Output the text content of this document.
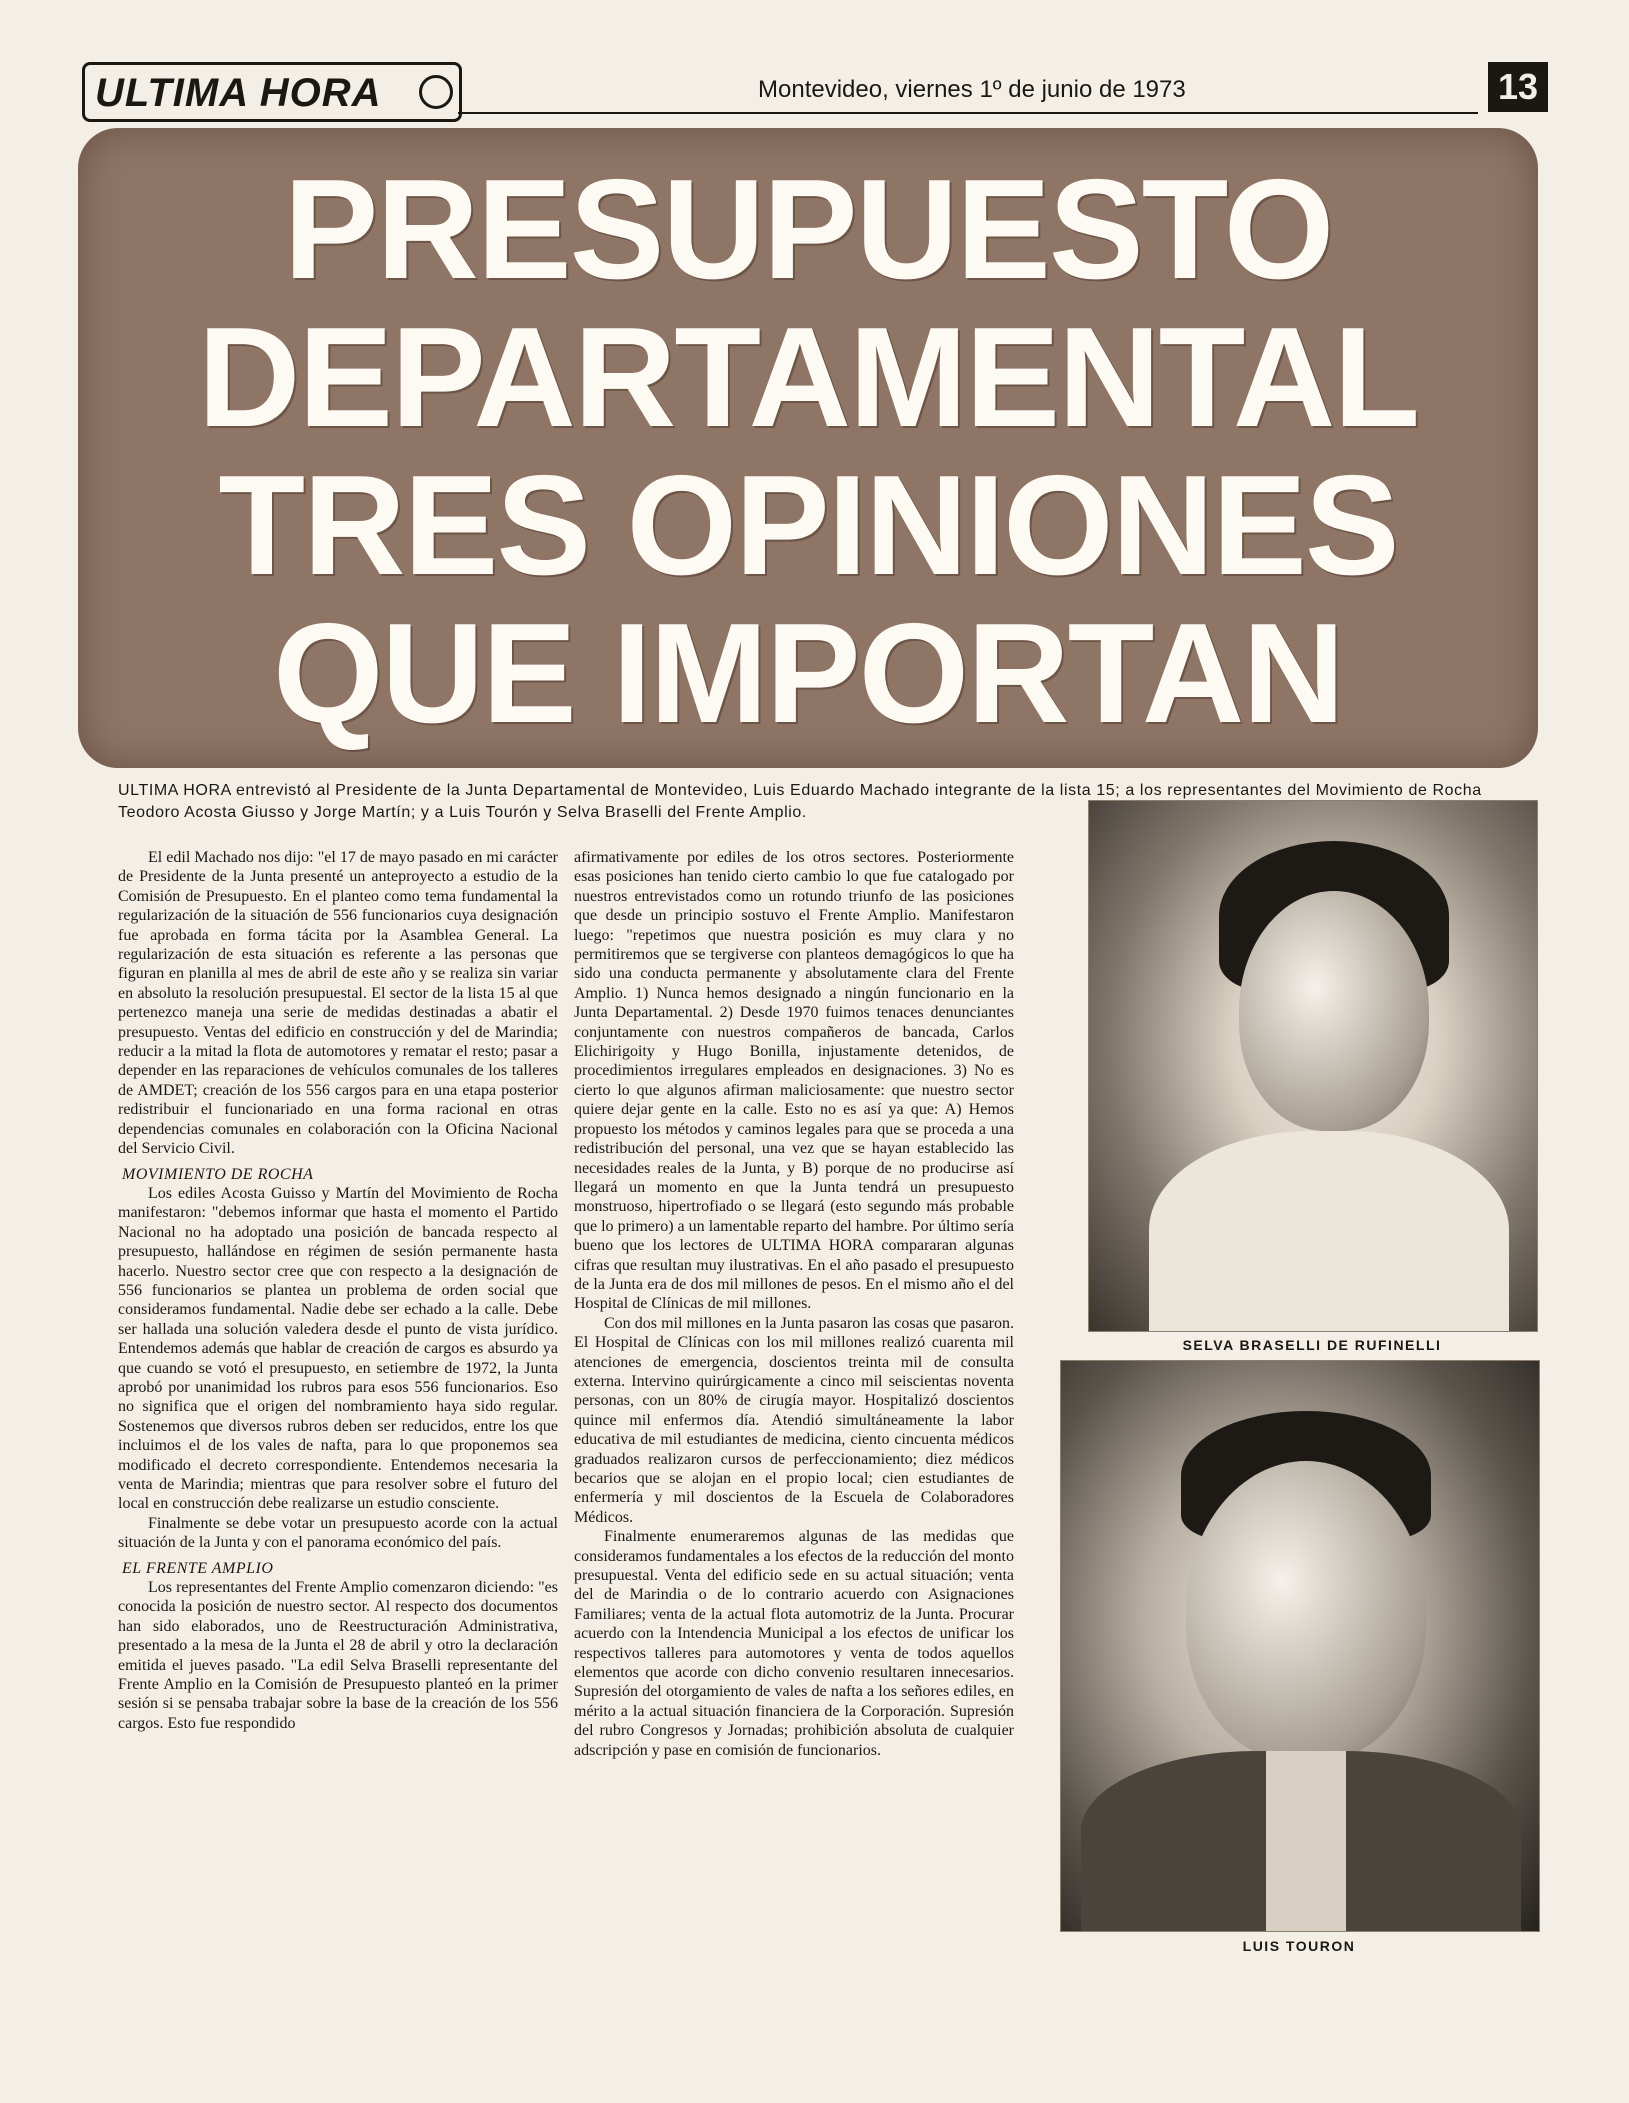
ULTIMA HORA	Montevideo, viernes 1º de junio de 1973	13
PRESUPUESTO
DEPARTAMENTAL
TRES OPINIONES
QUE IMPORTAN
ULTIMA HORA entrevistó al Presidente de la Junta Departamental de Montevideo, Luis Eduardo Machado integrante de la lista 15; a los representantes del Movimiento de Rocha Teodoro Acosta Giusso y Jorge Martín; y a Luis Tourón y Selva Braselli del Frente Amplio.

El edil Machado nos dijo: "el 17 de mayo pasado en mi carácter de Presidente de la Junta presenté un anteproyecto a estudio de la Comisión de Presupuesto. En el planteo como tema fundamental la regularización de la situación de 556 funcionarios cuya designación fue aprobada en forma tácita por la Asamblea General. La regularización de esta situación es referente a las personas que figuran en planilla al mes de abril de este año y se realiza sin variar en absoluto la resolución presupuestal. El sector de la lista 15 al que pertenezco maneja una serie de medidas destinadas a abatir el presupuesto. Ventas del edificio en construcción y del de Marindia; reducir a la mitad la flota de automotores y rematar el resto; pasar a depender en las reparaciones de vehículos comunales de los talleres de AMDET; creación de los 556 cargos para en una etapa posterior redistribuir el funcionariado en una forma racional en otras dependencias comunales en colaboración con la Oficina Nacional del Servicio Civil.

MOVIMIENTO DE ROCHA

Los ediles Acosta Guisso y Martín del Movimiento de Rocha manifestaron: "debemos informar que hasta el momento el Partido Nacional no ha adoptado una posición de bancada respecto al presupuesto, hallándose en régimen de sesión permanente hasta hacerlo. Nuestro sector cree que con respecto a la designación de 556 funcionarios se plantea un problema de orden social que consideramos fundamental. Nadie debe ser echado a la calle. Debe ser hallada una solución valedera desde el punto de vista jurídico. Entendemos además que hablar de creación de cargos es absurdo ya que cuando se votó el presupuesto, en setiembre de 1972, la Junta aprobó por unanimidad los rubros para esos 556 funcionarios. Eso no significa que el origen del nombramiento haya sido regular. Sostenemos que diversos rubros deben ser reducidos, entre los que incluimos el de los vales de nafta, para lo que proponemos sea modificado el decreto correspondiente. Entendemos necesaria la venta de Marindia; mientras que para resolver sobre el futuro del local en construcción debe realizarse un estudio consciente.

Finalmente se debe votar un presupuesto acorde con la actual situación de la Junta y con el panorama económico del país.

EL FRENTE AMPLIO

Los representantes del Frente Amplio comenzaron diciendo: "es conocida la posición de nuestro sector. Al respecto dos documentos han sido elaborados, uno de Reestructuración Administrativa, presentado a la mesa de la Junta el 28 de abril y otro la declaración emitida el jueves pasado. "La edil Selva Braselli representante del Frente Amplio en la Comisión de Presupuesto planteó en la primer sesión si se pensaba trabajar sobre la base de la creación de los 556 cargos. Esto fue respondido

afirmativamente por ediles de los otros sectores. Posteriormente esas posiciones han tenido cierto cambio lo que fue catalogado por nuestros entrevistados como un rotundo triunfo de las posiciones que desde un principio sostuvo el Frente Amplio. Manifestaron luego: "repetimos que nuestra posición es muy clara y no permitiremos que se tergiverse con planteos demagógicos lo que ha sido una conducta permanente y absolutamente clara del Frente Amplio. 1) Nunca hemos designado a ningún funcionario en la Junta Departamental. 2) Desde 1970 fuimos tenaces denunciantes conjuntamente con nuestros compañeros de bancada, Carlos Elichirigoity y Hugo Bonilla, injustamente detenidos, de procedimientos irregulares empleados en designaciones. 3) No es cierto lo que algunos afirman maliciosamente: que nuestro sector quiere dejar gente en la calle. Esto no es así ya que: A) Hemos propuesto los métodos y caminos legales para que se proceda a una redistribución del personal, una vez que se hayan establecido las necesidades reales de la Junta, y B) porque de no producirse así llegará un momento en que la Junta tendrá un presupuesto monstruoso, hipertrofiado o se llegará (esto segundo más probable que lo primero) a un lamentable reparto del hambre. Por último sería bueno que los lectores de ULTIMA HORA compararan algunas cifras que resultan muy ilustrativas. En el año pasado el presupuesto de la Junta era de dos mil millones de pesos. En el mismo año el del Hospital de Clínicas de mil millones.

Con dos mil millones en la Junta pasaron las cosas que pasaron. El Hospital de Clínicas con los mil millones realizó cuarenta mil atenciones de emergencia, doscientos treinta mil de consulta externa. Intervino quirúrgicamente a cinco mil seiscientas noventa personas, con un 80% de cirugía mayor. Hospitalizó doscientos quince mil enfermos día. Atendió simultáneamente la labor educativa de mil estudiantes de medicina, ciento cincuenta médicos graduados realizaron cursos de perfeccionamiento; diez médicos becarios que se alojan en el propio local; cien estudiantes de enfermería y mil doscientos de la Escuela de Colaboradores Médicos.

Finalmente enumeraremos algunas de las medidas que consideramos fundamentales a los efectos de la reducción del monto presupuestal. Venta del edificio sede en su actual situación; venta del de Marindia o de lo contrario acuerdo con Asignaciones Familiares; venta de la actual flota automotriz de la Junta. Procurar acuerdo con la Intendencia Municipal a los efectos de unificar los respectivos talleres para automotores y venta de todos aquellos elementos que acorde con dicho convenio resultaren innecesarios. Supresión del otorgamiento de vales de nafta a los señores ediles, en mérito a la actual situación financiera de la Corporación. Supresión del rubro Congresos y Jornadas; prohibición absoluta de cualquier adscripción y pase en comisión de funcionarios.

SELVA BRASELLI DE RUFINELLI
LUIS TOURON
